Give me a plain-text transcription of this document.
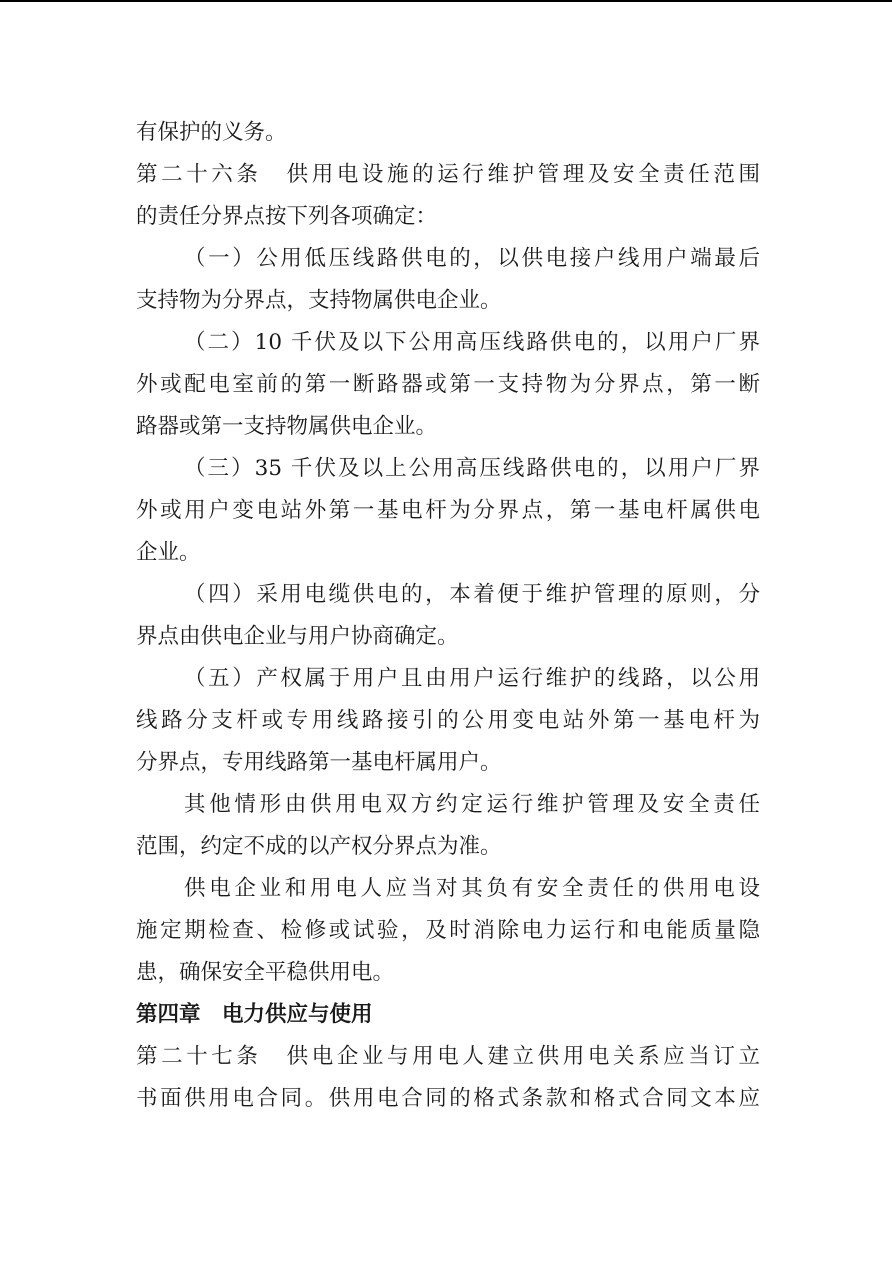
有保护的义务。
第二十六条　供用电设施的运行维护管理及安全责任范围
的责任分界点按下列各项确定：
（一）公用低压线路供电的，以供电接户线用户端最后
支持物为分界点，支持物属供电企业。
（二）10 千伏及以下公用高压线路供电的，以用户厂界
外或配电室前的第一断路器或第一支持物为分界点，第一断
路器或第一支持物属供电企业。
（三）35 千伏及以上公用高压线路供电的，以用户厂界
外或用户变电站外第一基电杆为分界点，第一基电杆属供电
企业。
（四）采用电缆供电的，本着便于维护管理的原则，分
界点由供电企业与用户协商确定。
（五）产权属于用户且由用户运行维护的线路，以公用
线路分支杆或专用线路接引的公用变电站外第一基电杆为
分界点，专用线路第一基电杆属用户。
其他情形由供用电双方约定运行维护管理及安全责任
范围，约定不成的以产权分界点为准。
供电企业和用电人应当对其负有安全责任的供用电设
施定期检查、检修或试验，及时消除电力运行和电能质量隐
患，确保安全平稳供用电。
第四章　电力供应与使用
第二十七条　供电企业与用电人建立供用电关系应当订立
书面供用电合同。供用电合同的格式条款和格式合同文本应
